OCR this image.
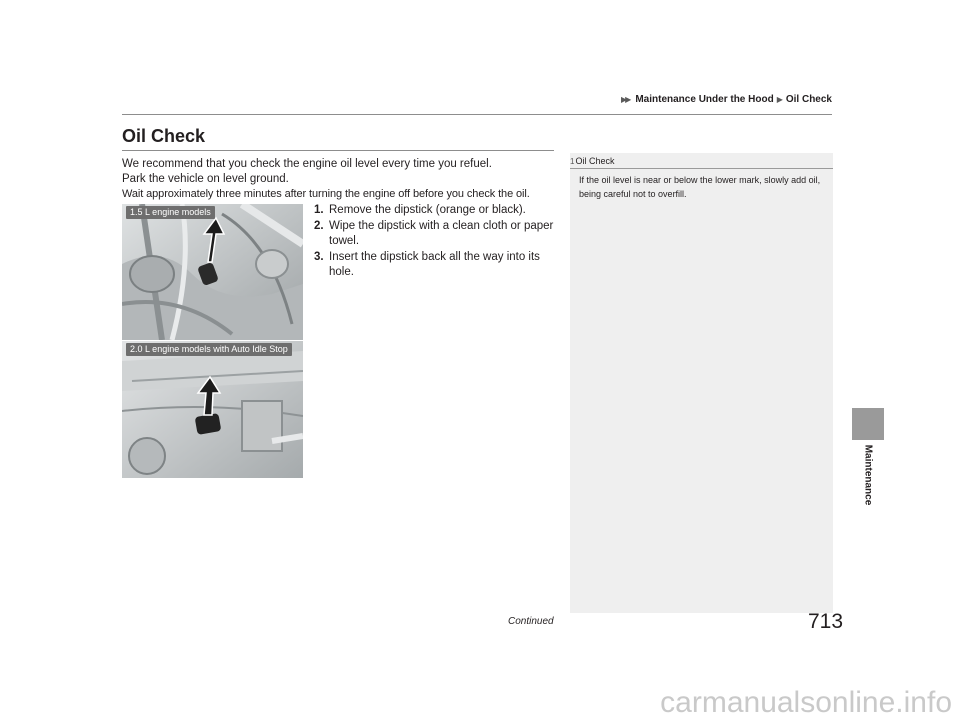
▶▶ Maintenance Under the Hood ▶ Oil Check
Oil Check
We recommend that you check the engine oil level every time you refuel.
Park the vehicle on level ground.
Wait approximately three minutes after turning the engine off before you check the oil.
1. Remove the dipstick (orange or black).
2. Wipe the dipstick with a clean cloth or paper towel.
3. Insert the dipstick back all the way into its hole.
1.5 L engine models
2.0 L engine models with Auto Idle Stop
1 Oil Check
If the oil level is near or below the lower mark, slowly add oil, being careful not to overfill.
Maintenance
Continued	713
carmanualsonline.info
